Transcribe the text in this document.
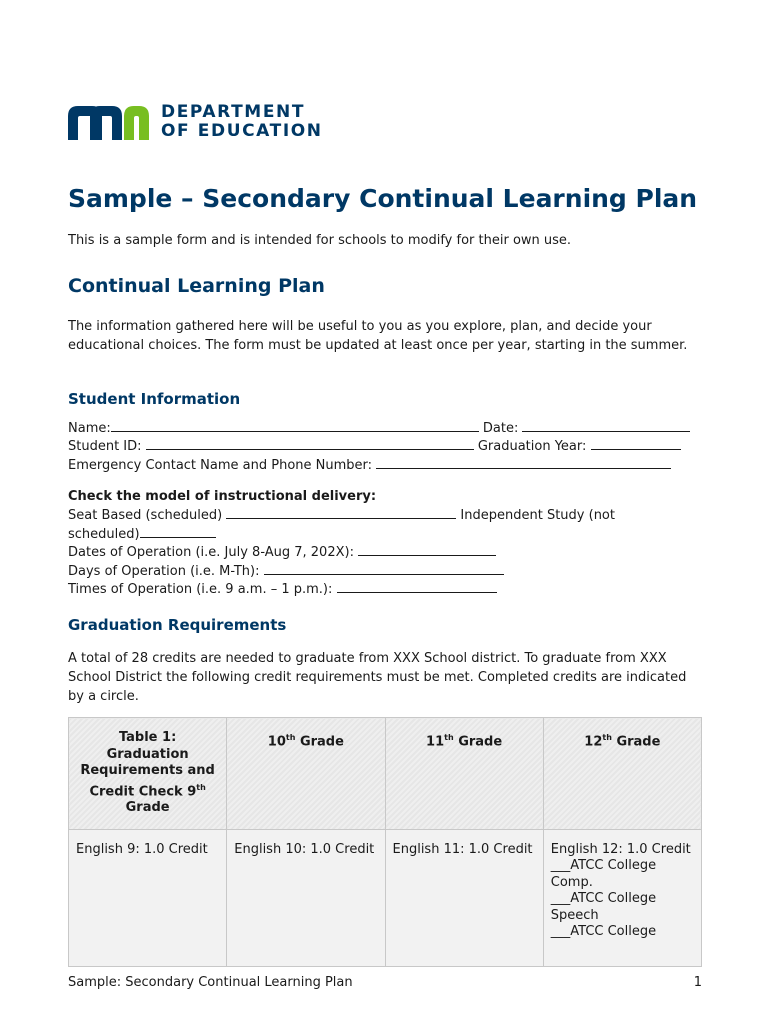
DEPARTMENT
OF EDUCATION
Sample – Secondary Continual Learning Plan

This is a sample form and is intended for schools to modify for their own use.

Continual Learning Plan

The information gathered here will be useful to you as you explore, plan, and decide your educational choices. The form must be updated at least once per year, starting in the summer.

Student Information
Name:	Date:
Student ID:	Graduation Year:
Emergency Contact Name and Phone Number:
Check the model of instructional delivery:
Seat Based (scheduled)	Independent Study (not
scheduled)
Dates of Operation (i.e. July 8-Aug 7, 202X):
Days of Operation (i.e. M-Th):
Times of Operation (i.e. 9 a.m. – 1 p.m.):
Graduation Requirements

A total of 28 credits are needed to graduate from XXX School district. To graduate from XXX School District the following credit requirements must be met. Completed credits are indicated by a circle.

Table 1: Graduation Requirements and Credit Check 9th Grade	10th Grade	11th Grade	12th Grade
English 9: 1.0 Credit	English 10: 1.0 Credit	English 11: 1.0 Credit	English 12: 1.0 Credit
___ATCC College Comp.
___ATCC College Speech
___ATCC College
Sample: Secondary Continual Learning Plan	1
